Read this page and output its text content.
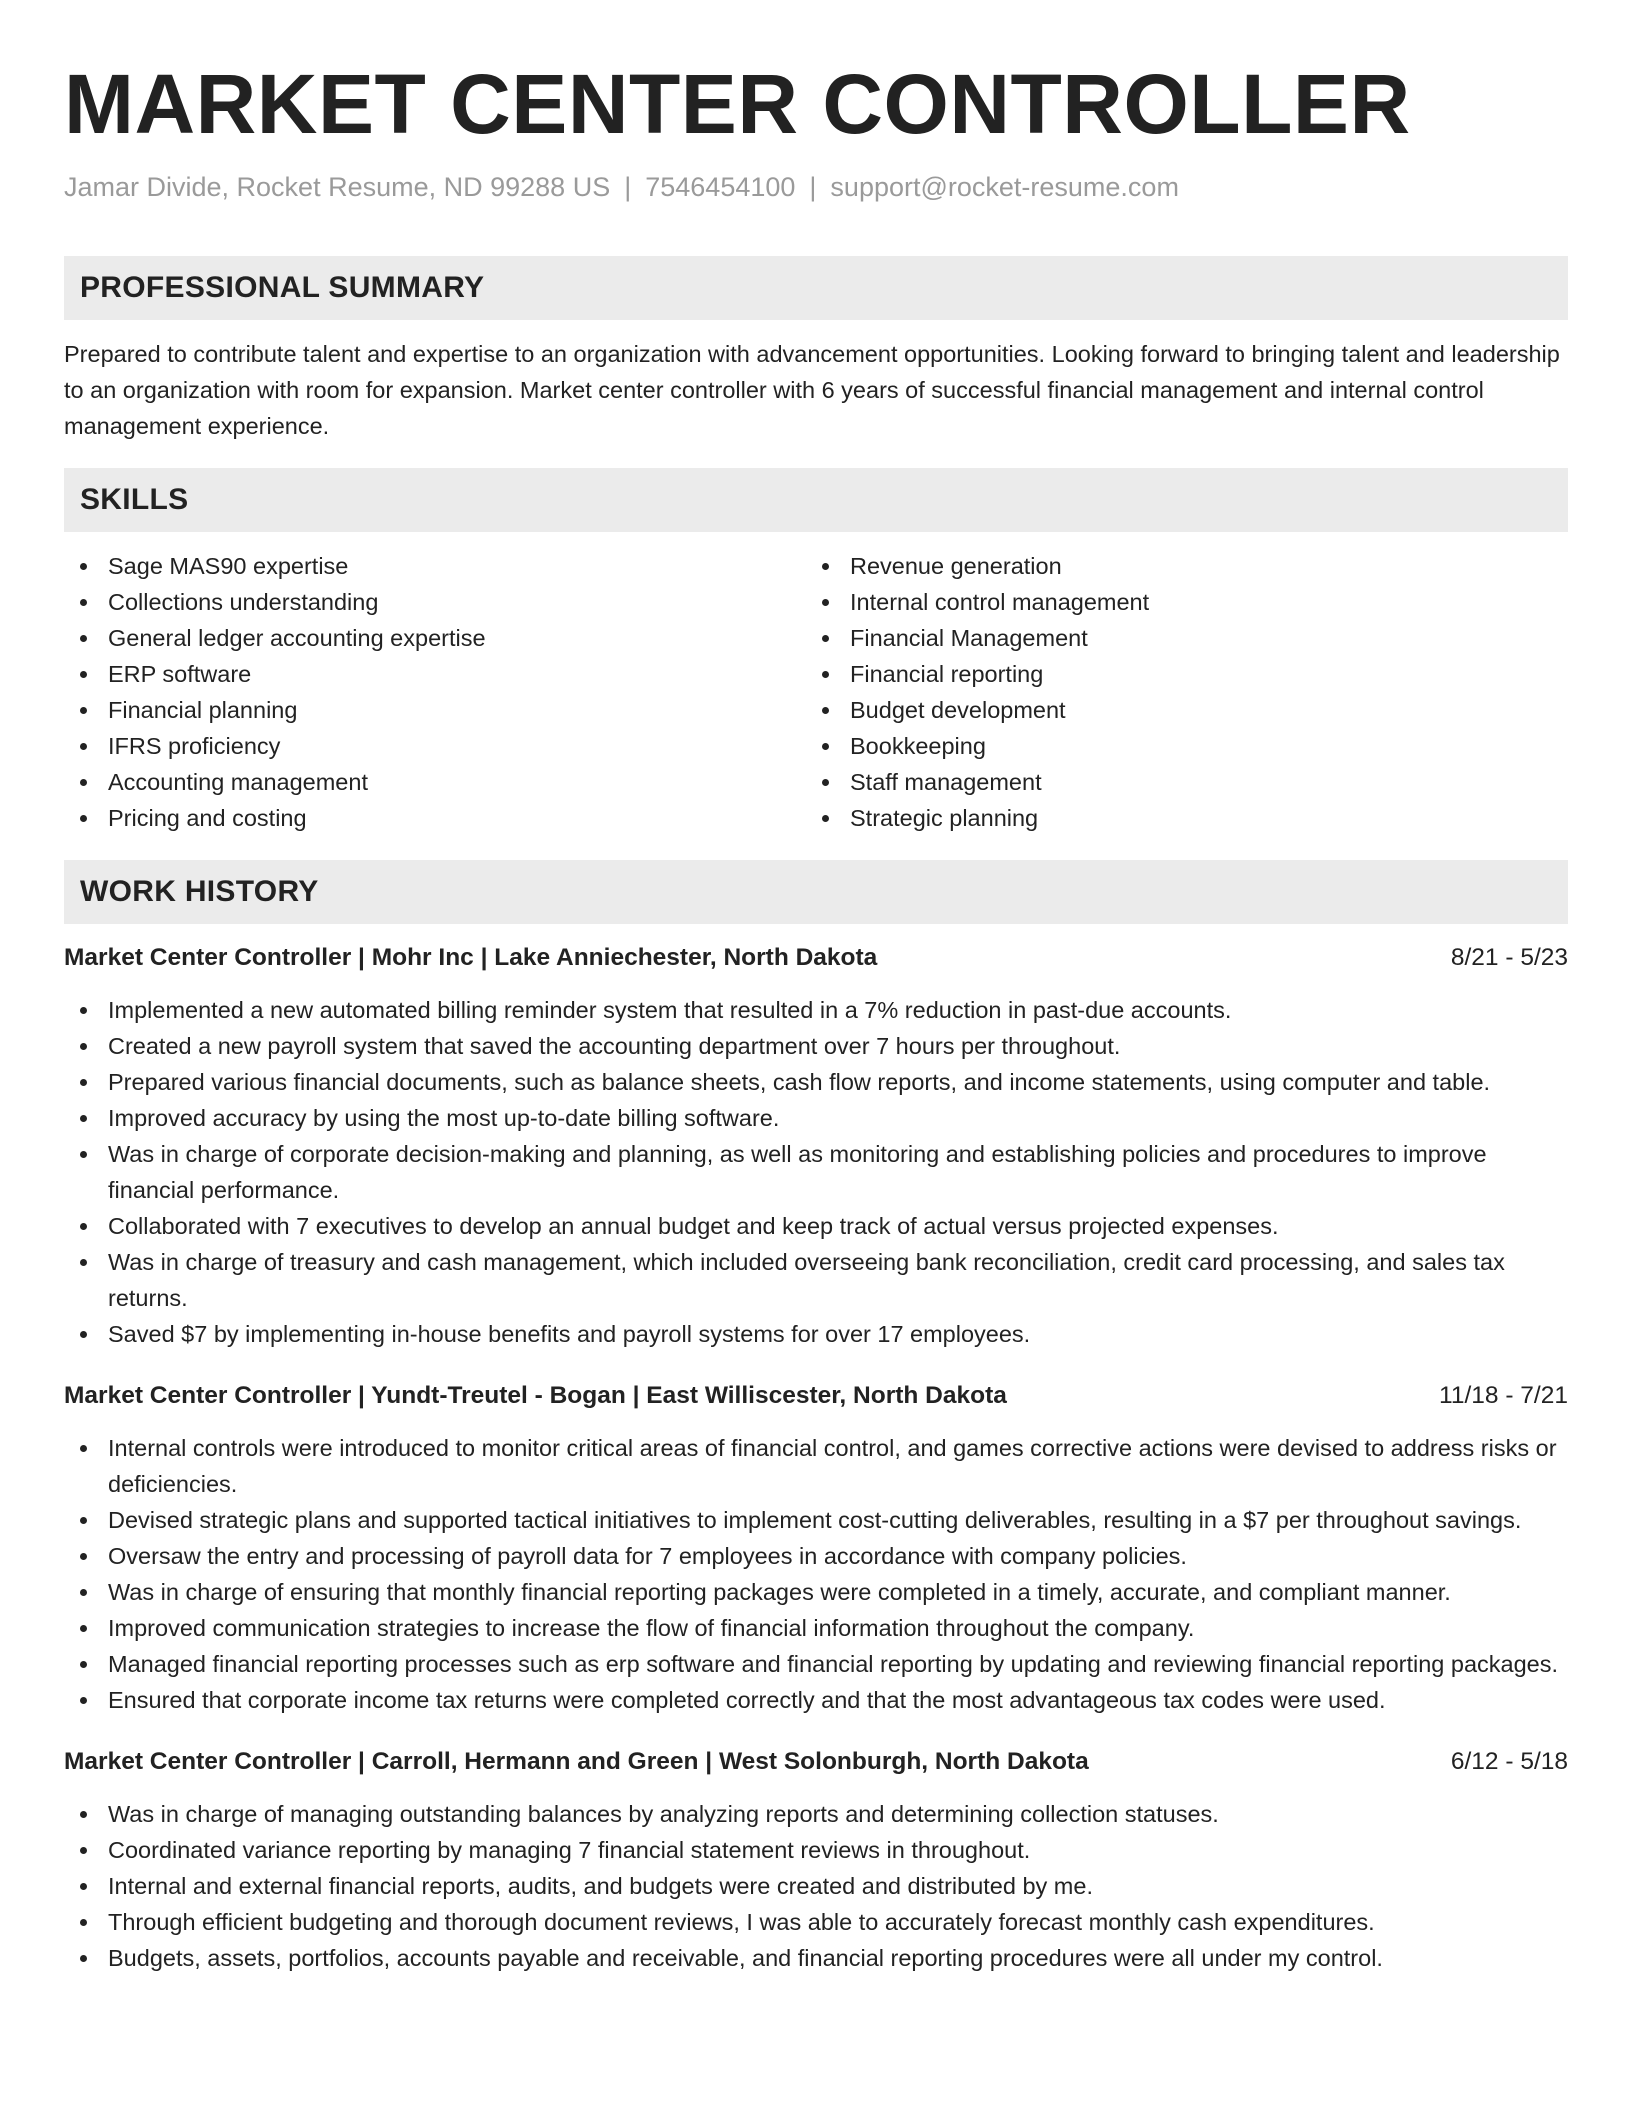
MARKET CENTER CONTROLLER
Jamar Divide, Rocket Resume, ND 99288 US | 7546454100 | support@rocket-resume.com
PROFESSIONAL SUMMARY

Prepared to contribute talent and expertise to an organization with advancement opportunities. Looking forward to bringing talent and leadership to an organization with room for expansion. Market center controller with 6 years of successful financial management and internal control management experience.

SKILLS
Sage MAS90 expertise
Collections understanding
General ledger accounting expertise
ERP software
Financial planning
IFRS proficiency
Accounting management
Pricing and costing
Revenue generation
Internal control management
Financial Management
Financial reporting
Budget development
Bookkeeping
Staff management
Strategic planning
WORK HISTORY
Market Center Controller | Mohr Inc | Lake Anniechester, North Dakota	8/21 - 5/23
Implemented a new automated billing reminder system that resulted in a 7% reduction in past-due accounts.
Created a new payroll system that saved the accounting department over 7 hours per throughout.
Prepared various financial documents, such as balance sheets, cash flow reports, and income statements, using computer and table.
Improved accuracy by using the most up-to-date billing software.
Was in charge of corporate decision-making and planning, as well as monitoring and establishing policies and procedures to improve financial performance.
Collaborated with 7 executives to develop an annual budget and keep track of actual versus projected expenses.
Was in charge of treasury and cash management, which included overseeing bank reconciliation, credit card processing, and sales tax returns.
Saved $7 by implementing in-house benefits and payroll systems for over 17 employees.
Market Center Controller | Yundt-Treutel - Bogan | East Williscester, North Dakota	11/18 - 7/21
Internal controls were introduced to monitor critical areas of financial control, and games corrective actions were devised to address risks or deficiencies.
Devised strategic plans and supported tactical initiatives to implement cost-cutting deliverables, resulting in a $7 per throughout savings.
Oversaw the entry and processing of payroll data for 7 employees in accordance with company policies.
Was in charge of ensuring that monthly financial reporting packages were completed in a timely, accurate, and compliant manner.
Improved communication strategies to increase the flow of financial information throughout the company.
Managed financial reporting processes such as erp software and financial reporting by updating and reviewing financial reporting packages.
Ensured that corporate income tax returns were completed correctly and that the most advantageous tax codes were used.
Market Center Controller | Carroll, Hermann and Green | West Solonburgh, North Dakota	6/12 - 5/18
Was in charge of managing outstanding balances by analyzing reports and determining collection statuses.
Coordinated variance reporting by managing 7 financial statement reviews in throughout.
Internal and external financial reports, audits, and budgets were created and distributed by me.
Through efficient budgeting and thorough document reviews, I was able to accurately forecast monthly cash expenditures.
Budgets, assets, portfolios, accounts payable and receivable, and financial reporting procedures were all under my control.
